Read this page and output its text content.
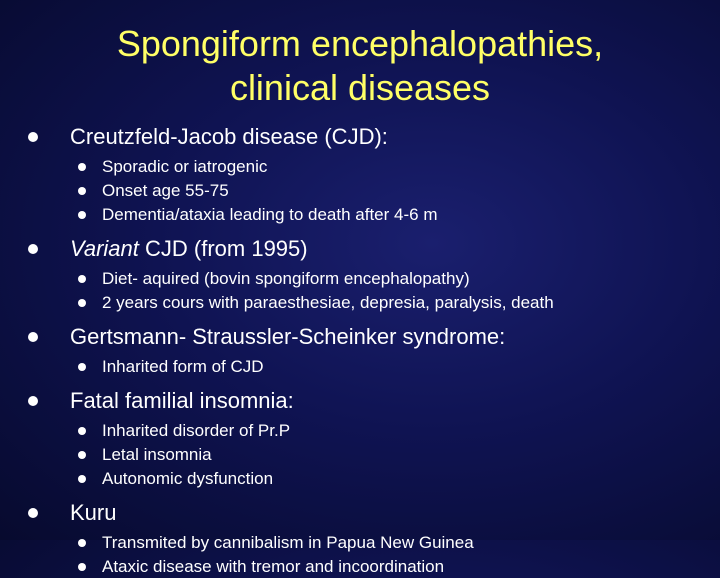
Spongiform encephalopathies,
clinical diseases
Creutzfeld-Jacob disease (CJD):
Sporadic or iatrogenic
Onset age 55-75
Dementia/ataxia leading to death after 4-6 m
Variant CJD (from 1995)
Diet- aquired (bovin spongiform encephalopathy)
2 years cours with paraesthesiae, depresia, paralysis, death
Gertsmann- Straussler-Scheinker syndrome:
Inharited form of CJD
Fatal familial insomnia:
Inharited disorder of Pr.P
Letal insomnia
Autonomic dysfunction
Kuru
Transmited by cannibalism in Papua New Guinea
Ataxic disease with tremor and incoordination
